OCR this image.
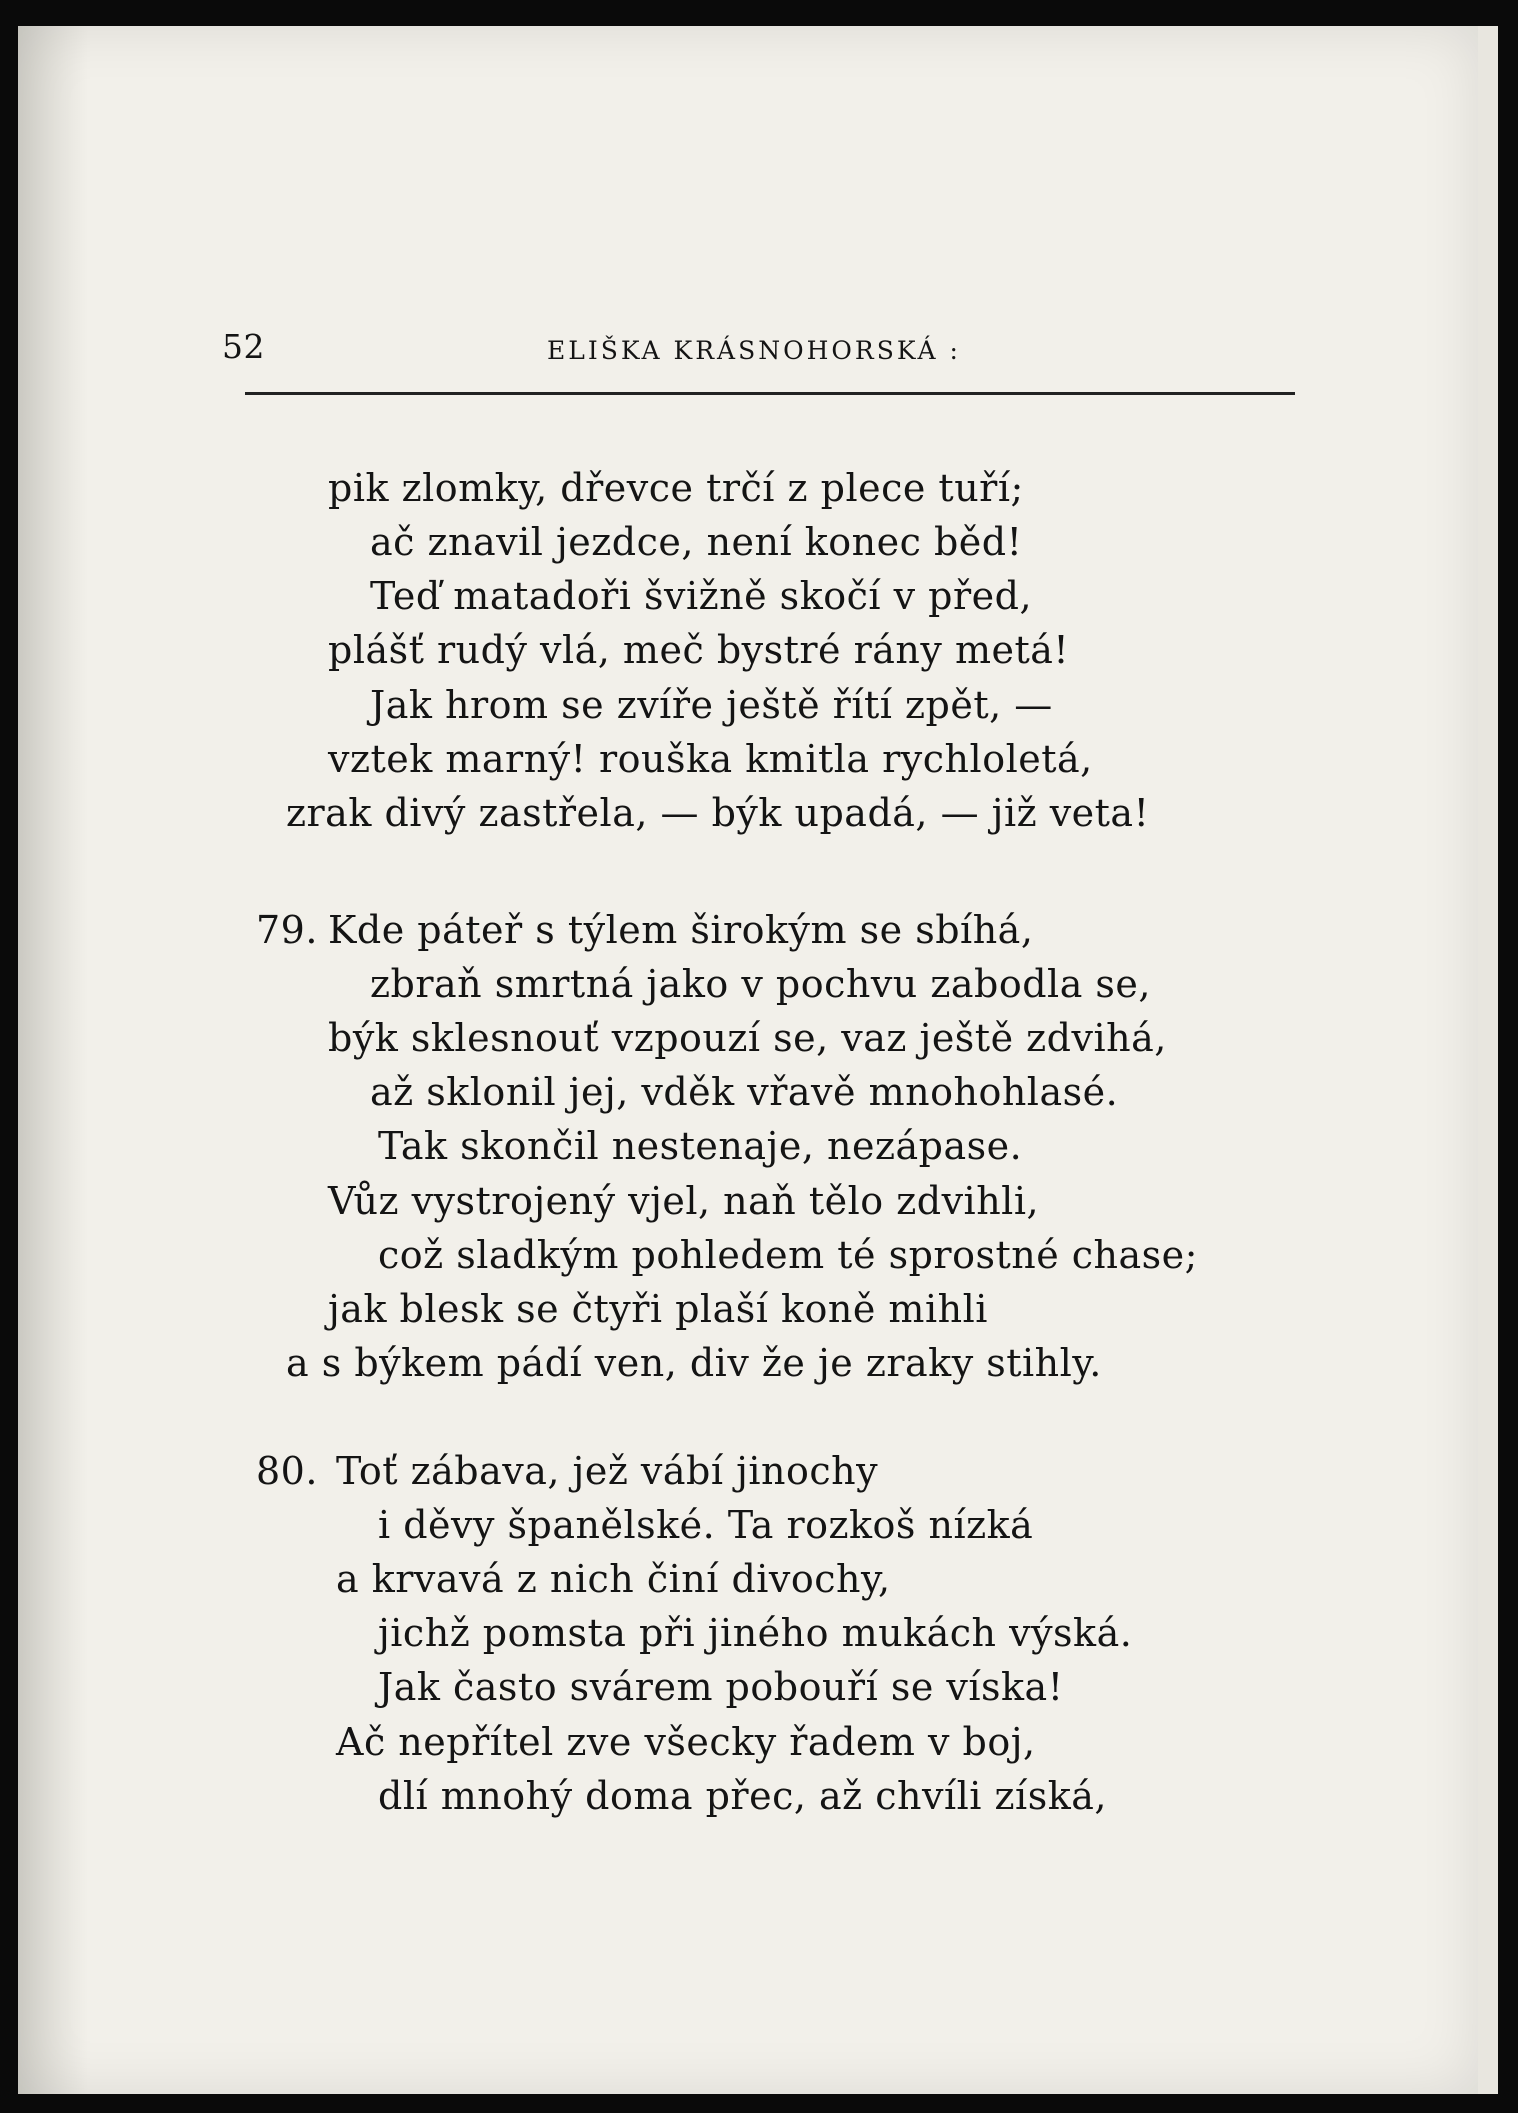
52	ELIŠKA KRÁSNOHORSKÁ :
pik zlomky, dřevce trčí z plece tuří;
ač znavil jezdce, není konec běd!
Teď matadoři švižně skočí v před,
plášť rudý vlá, meč bystré rány metá!
Jak hrom se zvíře ještě řítí zpět, —
vztek marný! rouška kmitla rychloletá,
zrak divý zastřela, — býk upadá, — již veta!
79. Kde páteř s týlem širokým se sbíhá,
zbraň smrtná jako v pochvu zabodla se,
býk sklesnouť vzpouzí se, vaz ještě zdvihá,
až sklonil jej, vděk vřavě mnohohlasé.
Tak skončil nestenaje, nezápase.
Vůz vystrojený vjel, naň tělo zdvihli,
což sladkým pohledem té sprostné chase;
jak blesk se čtyři plaší koně mihli
a s býkem pádí ven, div že je zraky stihly.
80. Toť zábava, jež vábí jinochy
i děvy španělské. Ta rozkoš nízká
a krvavá z nich činí divochy,
jichž pomsta při jiného mukách výská.
Jak často svárem pobouří se víska!
Ač nepřítel zve všecky řadem v boj,
dlí mnohý doma přec, až chvíli získá,
